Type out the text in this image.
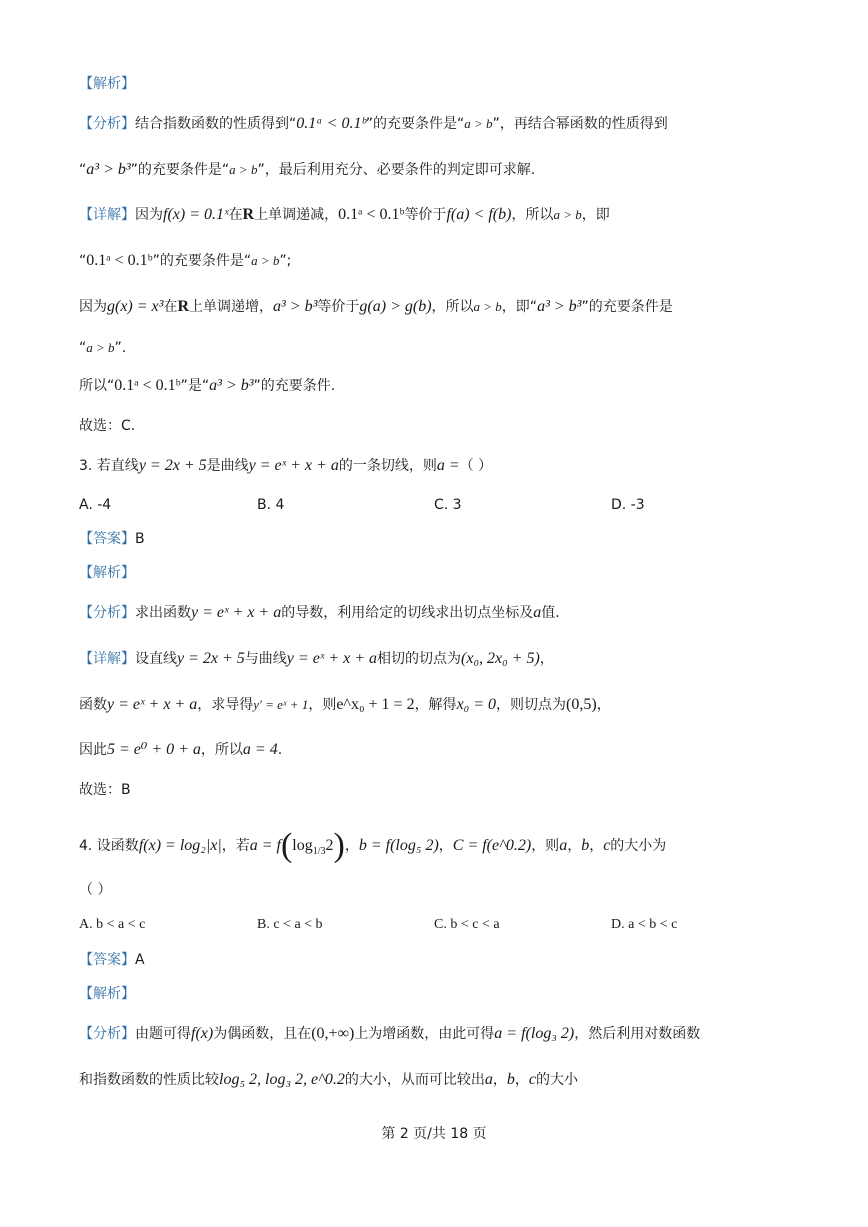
【解析】
【分析】结合指数函数的性质得到“0.1ᵃ < 0.1ᵇ”的充要条件是“a > b”，再结合幂函数的性质得到
“a³ > b³”的充要条件是“a > b”，最后利用充分、必要条件的判定即可求解.
【详解】因为f(x) = 0.1ˣ在R上单调递减，0.1ᵃ < 0.1ᵇ等价于f(a) < f(b)，所以a > b，即
“0.1ᵃ < 0.1ᵇ”的充要条件是“a > b”;
因为g(x) = x³在R上单调递增，a³ > b³等价于g(a) > g(b)，所以a > b，即“a³ > b³”的充要条件是
“a > b”.
所以“0.1ᵃ < 0.1ᵇ”是“a³ > b³”的充要条件.
故选：C.
3. 若直线y = 2x + 5是曲线y = eˣ + x + a的一条切线，则a =（ ）
A. -4	B. 4	C. 3	D. -3
【答案】B
【解析】
【分析】求出函数y = eˣ + x + a的导数，利用给定的切线求出切点坐标及a值.
【详解】设直线y = 2x + 5与曲线y = eˣ + x + a相切的切点为(x₀, 2x₀ + 5)，
函数y = eˣ + x + a，求导得y′ = eˣ + 1，则e^x₀ + 1 = 2，解得x₀ = 0，则切点为(0,5)，
因此5 = e⁰ + 0 + a，所以a = 4.
故选：B
4. 设函数f(x) = log₂|x|，若$a = f(\log_{1/3}2)$，b = f(log₅ 2)，C = f(e^0.2)，则a，b，c的大小为
（ ）
A. b < a < c	B. c < a < b	C. b < c < a	D. a < b < c
【答案】A
【解析】
【分析】由题可得f(x)为偶函数，且在(0,+∞)上为增函数，由此可得a = f(log₃ 2)，然后利用对数函数
和指数函数的性质比较log₅ 2, log₃ 2, e^0.2的大小，从而可比较出a，b，c的大小
第 2 页/共 18 页
